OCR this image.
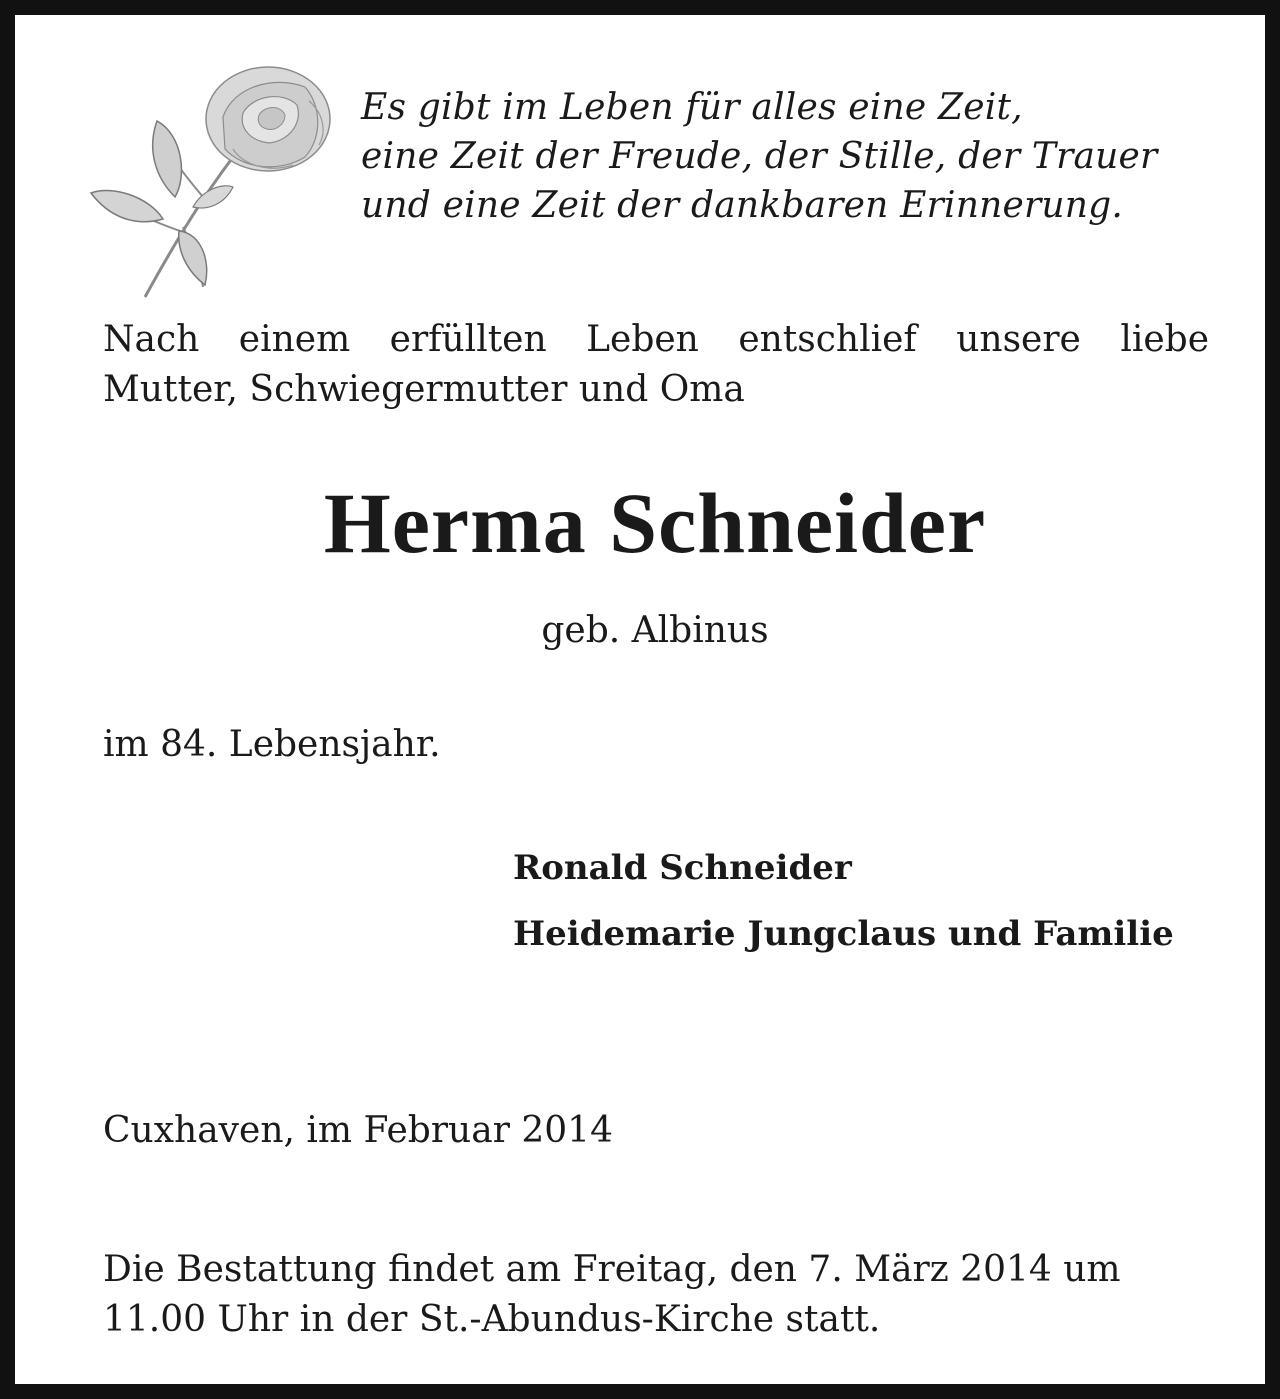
Es gibt im Leben für alles eine Zeit,
eine Zeit der Freude, der Stille, der Trauer
und eine Zeit der dankbaren Erinnerung.
Nach einem erfüllten Leben entschlief unsere liebe
Mutter, Schwiegermutter und Oma
Herma Schneider
geb. Albinus
im 84. Lebensjahr.
Ronald Schneider
Heidemarie Jungclaus und Familie
Cuxhaven, im Februar 2014
Die Bestattung findet am Freitag, den 7. März 2014 um
11.00 Uhr in der St.-Abundus-Kirche statt.
